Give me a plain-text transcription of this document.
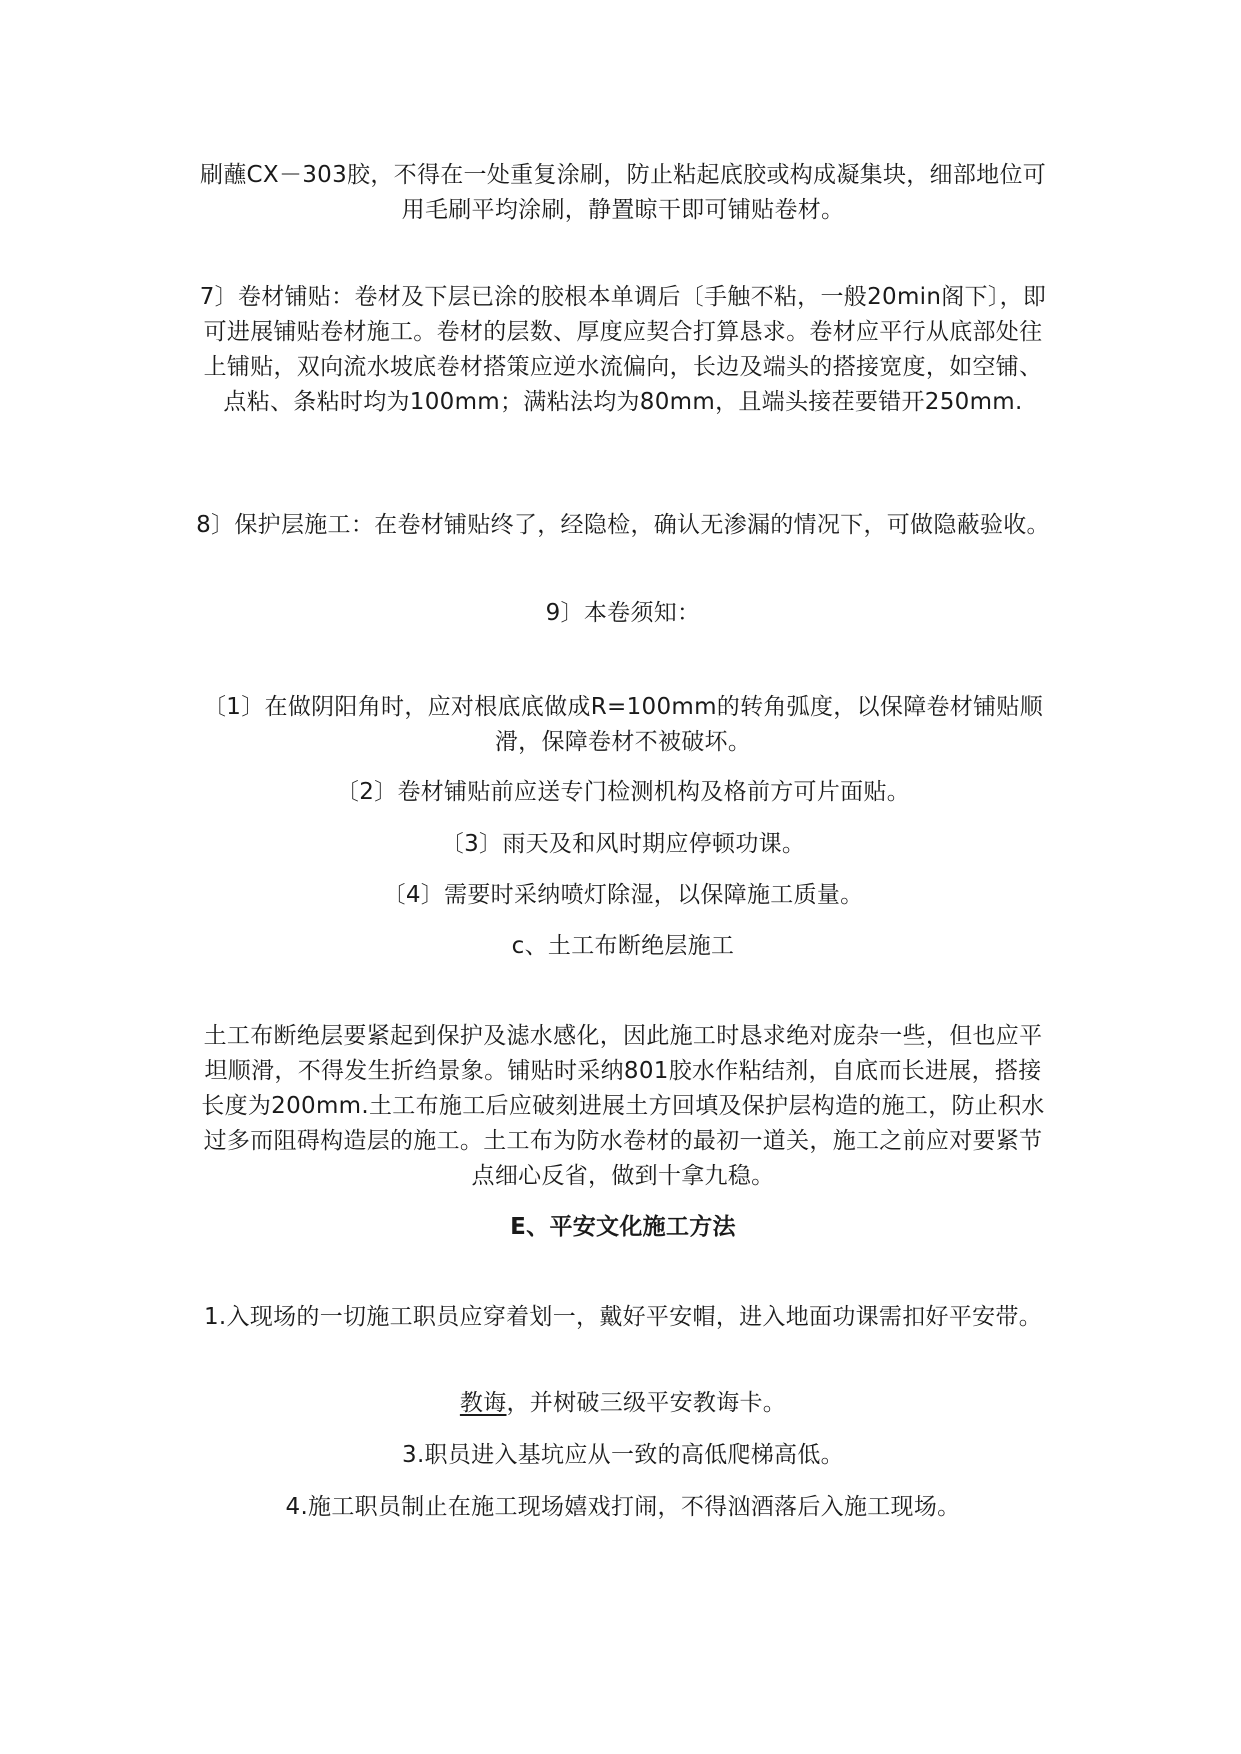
刷蘸CX－303胶，不得在一处重复涂刷，防止粘起底胶或构成凝集块，细部地位可用毛刷平均涂刷，静置晾干即可铺贴卷材。

7〕卷材铺贴：卷材及下层已涂的胶根本单调后〔手触不粘，一般20min阁下〕，即可进展铺贴卷材施工。卷材的层数、厚度应契合打算恳求。卷材应平行从底部处往上铺贴，双向流水坡底卷材搭策应逆水流偏向，长边及端头的搭接宽度，如空铺、点粘、条粘时均为100mm；满粘法均为80mm，且端头接茬要错开250mm.

8〕保护层施工：在卷材铺贴终了，经隐检，确认无渗漏的情况下，可做隐蔽验收。

9〕本卷须知：

〔1〕在做阴阳角时，应对根底底做成R=100mm的转角弧度，以保障卷材铺贴顺滑，保障卷材不被破坏。

〔2〕卷材铺贴前应送专门检测机构及格前方可片面贴。

〔3〕雨天及和风时期应停顿功课。

〔4〕需要时采纳喷灯除湿，以保障施工质量。

c、土工布断绝层施工

土工布断绝层要紧起到保护及滤水感化，因此施工时恳求绝对庞杂一些，但也应平坦顺滑，不得发生折绉景象。铺贴时采纳801胶水作粘结剂，自底而长进展，搭接长度为200mm.土工布施工后应破刻进展土方回填及保护层构造的施工，防止积水过多而阻碍构造层的施工。土工布为防水卷材的最初一道关，施工之前应对要紧节点细心反省，做到十拿九稳。

E、平安文化施工方法

1.入现场的一切施工职员应穿着划一，戴好平安帽，进入地面功课需扣好平安带。

教诲，并树破三级平安教诲卡。

3.职员进入基坑应从一致的高低爬梯高低。

4.施工职员制止在施工现场嬉戏打闹，不得汹酒落后入施工现场。
